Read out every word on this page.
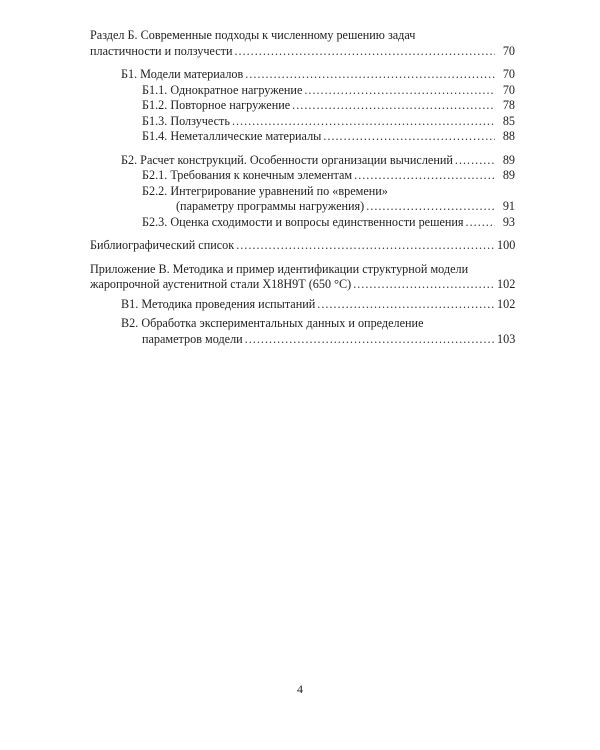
Раздел Б. Современные подходы к численному решению задач
пластичности и ползучести .....	70
Б1. Модели материалов .....	70
Б1.1. Однократное нагружение .....	70
Б1.2. Повторное нагружение .....	78
Б1.3. Ползучесть .....	85
Б1.4. Неметаллические материалы .....	88
Б2. Расчет конструкций. Особенности организации вычислений .....	89
Б2.1. Требования к конечным элементам .....	89
Б2.2. Интегрирование уравнений по «времени»
(параметру программы нагружения) .....	91
Б2.3. Оценка сходимости и вопросы единственности решения .....	93
Библиографический список .....	100
Приложение В. Методика и пример идентификации структурной модели
жаропрочной аустенитной стали Х18Н9Т (650 °С) .....	102
В1. Методика проведения испытаний .....	102
В2. Обработка экспериментальных данных и определение
параметров модели .....	103
4
